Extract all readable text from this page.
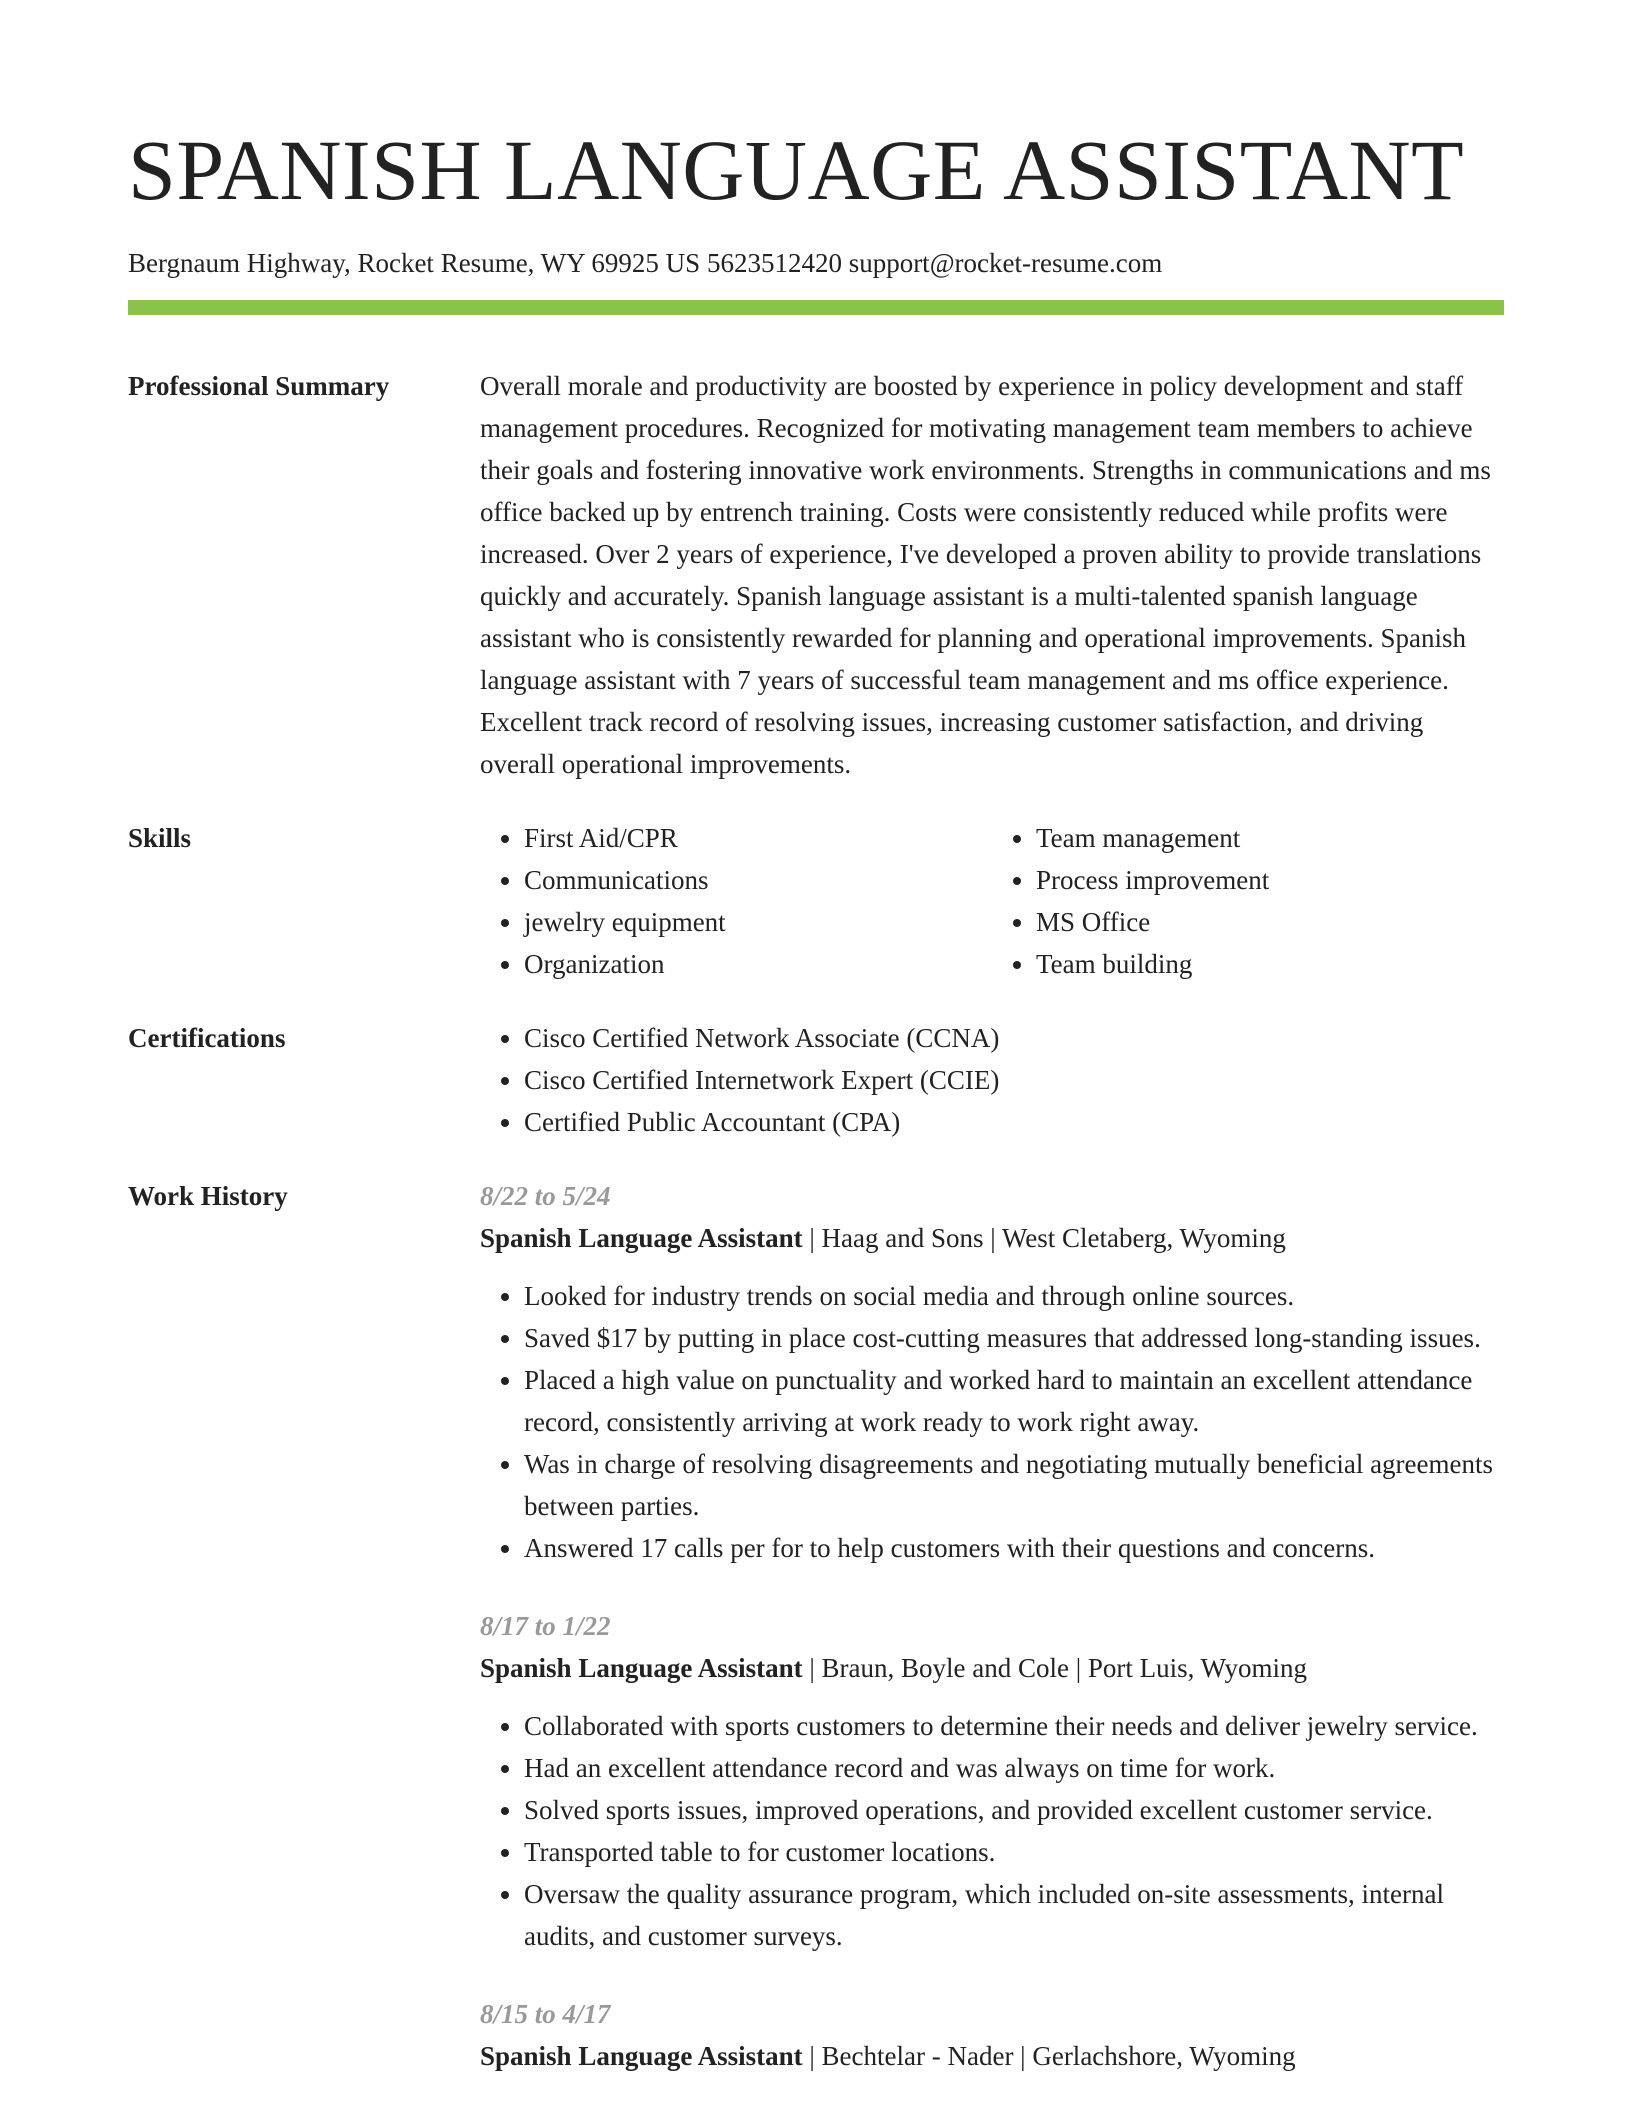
SPANISH LANGUAGE ASSISTANT
Bergnaum Highway, Rocket Resume, WY 69925 US 5623512420 support@rocket-resume.com
Professional Summary	Overall morale and productivity are boosted by experience in policy development and staff management procedures. Recognized for motivating management team members to achieve their goals and fostering innovative work environments. Strengths in communications and ms office backed up by entrench training. Costs were consistently reduced while profits were increased. Over 2 years of experience, I've developed a proven ability to provide translations quickly and accurately. Spanish language assistant is a multi-talented spanish language assistant who is consistently rewarded for planning and operational improvements. Spanish language assistant with 7 years of successful team management and ms office experience. Excellent track record of resolving issues, increasing customer satisfaction, and driving overall operational improvements.

Skills	• First Aid/CPR
• Communications
• jewelry equipment
• Organization
• Team management
• Process improvement
• MS Office
• Team building
Certifications	• Cisco Certified Network Associate (CCNA)
• Cisco Certified Internetwork Expert (CCIE)
• Certified Public Accountant (CPA)
Work History	8/22 to 5/24
Spanish Language Assistant | Haag and Sons | West Cletaberg, Wyoming
• Looked for industry trends on social media and through online sources.
• Saved $17 by putting in place cost-cutting measures that addressed long-standing issues.
• Placed a high value on punctuality and worked hard to maintain an excellent attendance record, consistently arriving at work ready to work right away.
• Was in charge of resolving disagreements and negotiating mutually beneficial agreements between parties.
• Answered 17 calls per for to help customers with their questions and concerns.
8/17 to 1/22
Spanish Language Assistant | Braun, Boyle and Cole | Port Luis, Wyoming
• Collaborated with sports customers to determine their needs and deliver jewelry service.
• Had an excellent attendance record and was always on time for work.
• Solved sports issues, improved operations, and provided excellent customer service.
• Transported table to for customer locations.
• Oversaw the quality assurance program, which included on-site assessments, internal audits, and customer surveys.
8/15 to 4/17
Spanish Language Assistant | Bechtelar - Nader | Gerlachshore, Wyoming
